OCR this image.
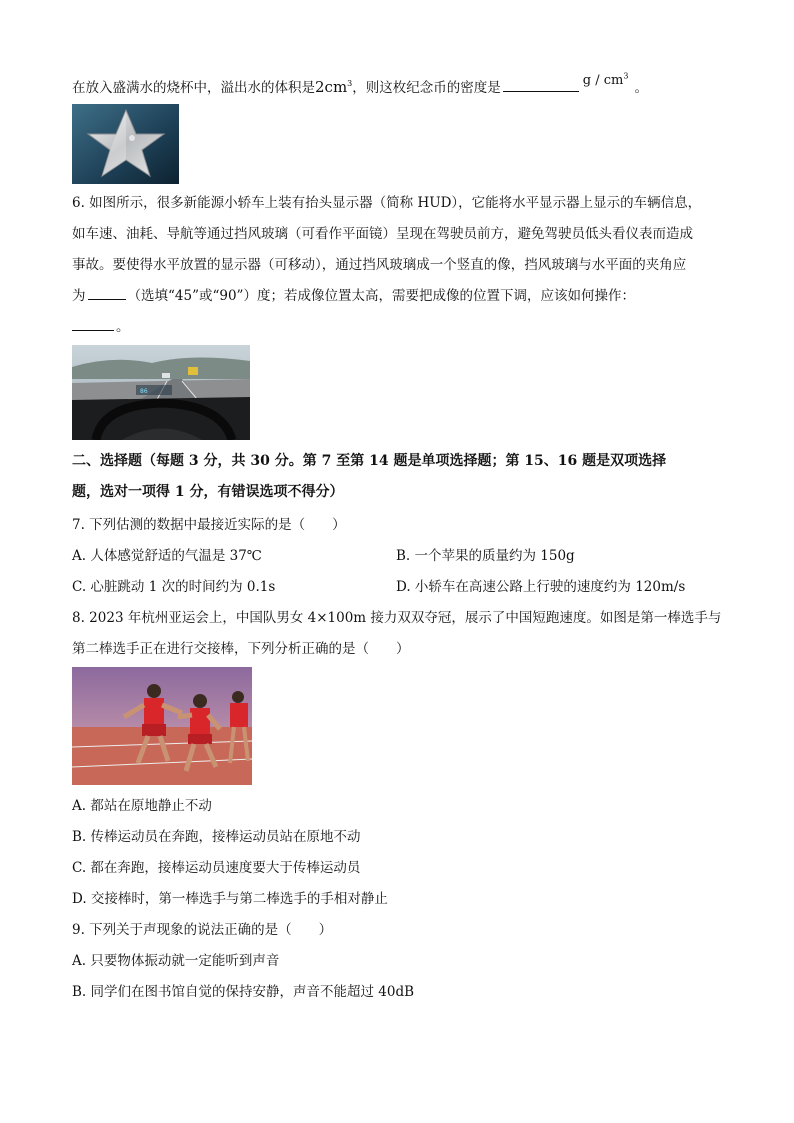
在放入盛满水的烧杯中，溢出水的体积是$2cm^3$，则这枚纪念币的密度是	g / $cm^3$。
6. 如图所示，很多新能源小轿车上装有抬头显示器（简称 HUD），它能将水平显示器上显示的车辆信息，
如车速、油耗、导航等通过挡风玻璃（可看作平面镜）呈现在驾驶员前方，避免驾驶员低头看仪表而造成
事故。要使得水平放置的显示器（可移动），通过挡风玻璃成一个竖直的像，挡风玻璃与水平面的夹角应
为	（选填“45”或“90”）度；若成像位置太高，需要把成像的位置下调，应该如何操作：
。
86
二、选择题（每题 3 分，共 30 分。第 7 至第 14 题是单项选择题；第 15、16 题是双项选择
题，选对一项得 1 分，有错误选项不得分）
7. 下列估测的数据中最接近实际的是（　　）
A. 人体感觉舒适的气温是 37℃	B. 一个苹果的质量约为 150g
C. 心脏跳动 1 次的时间约为 0.1s	D. 小轿车在高速公路上行驶的速度约为 120m/s
8. 2023 年杭州亚运会上，中国队男女 4×100m 接力双双夺冠，展示了中国短跑速度。如图是第一棒选手与
第二棒选手正在进行交接棒，下列分析正确的是（　　）
A. 都站在原地静止不动
B. 传棒运动员在奔跑，接棒运动员站在原地不动
C. 都在奔跑，接棒运动员速度要大于传棒运动员
D. 交接棒时，第一棒选手与第二棒选手的手相对静止
9. 下列关于声现象的说法正确的是（　　）
A. 只要物体振动就一定能听到声音
B. 同学们在图书馆自觉的保持安静，声音不能超过 40dB
